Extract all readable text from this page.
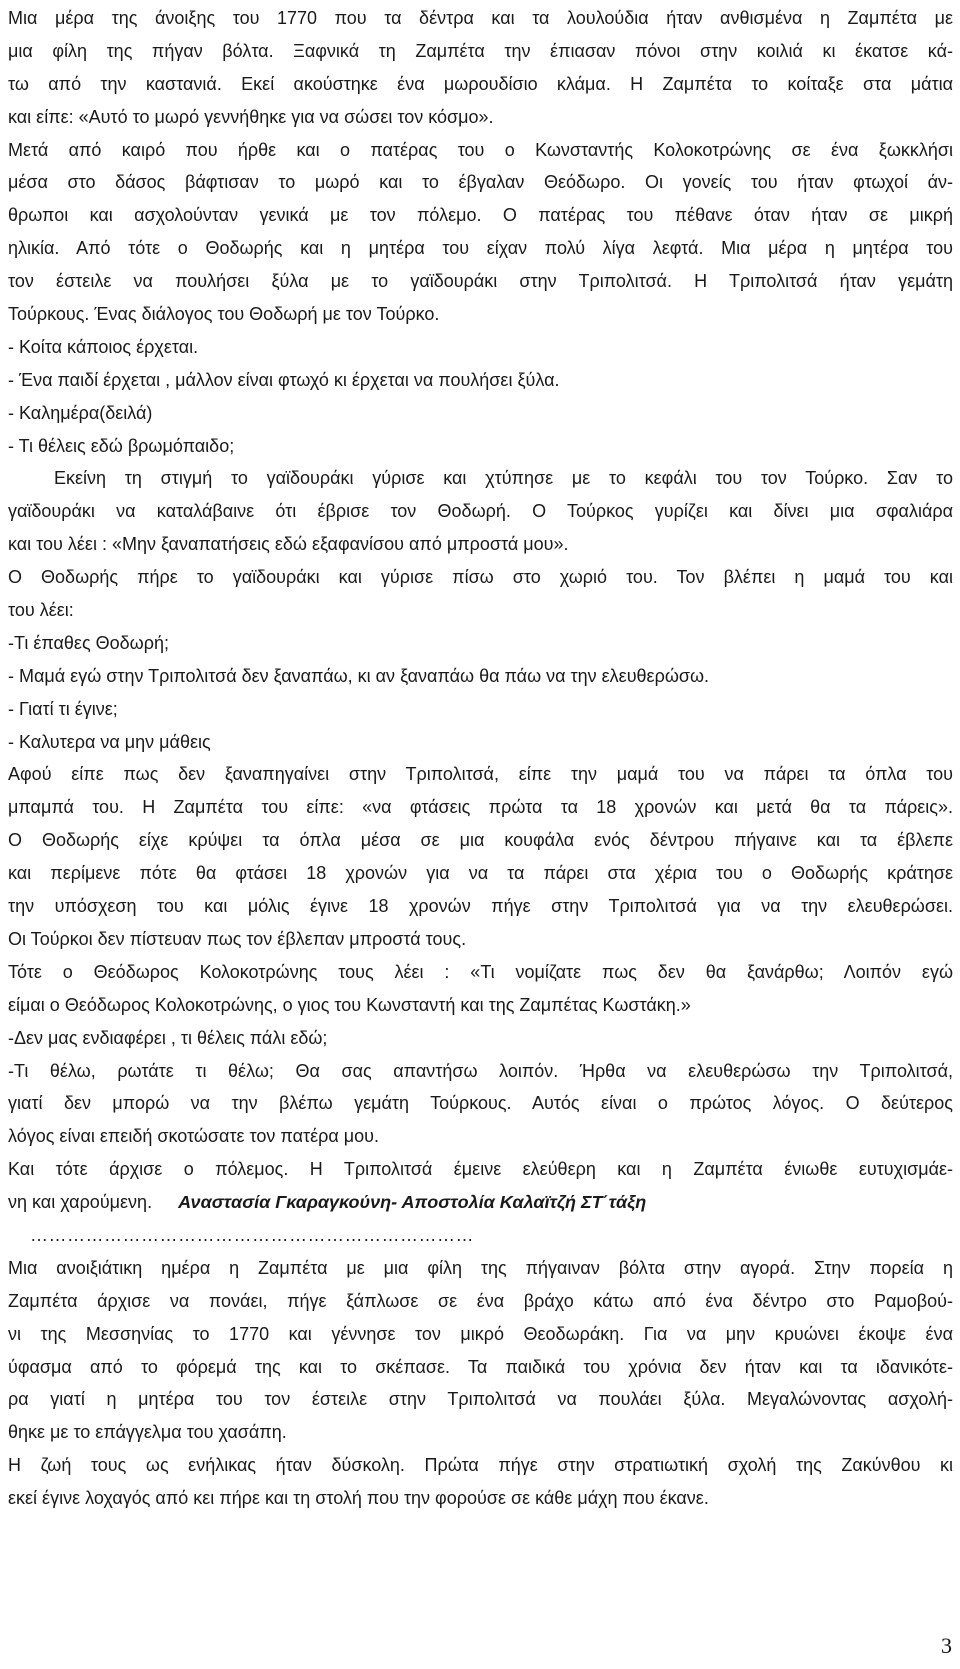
Μια μέρα της άνοιξης του 1770 που τα δέντρα και τα λουλούδια ήταν ανθισμένα η Ζαμπέτα με
μια φίλη της πήγαν βόλτα. Ξαφνικά τη Ζαμπέτα την έπιασαν πόνοι στην κοιλιά κι έκατσε κά-
τω από την καστανιά. Εκεί ακούστηκε ένα μωρουδίσιο κλάμα. Η Ζαμπέτα το κοίταξε στα μάτια
και είπε: «Αυτό το μωρό γεννήθηκε για να σώσει τον κόσμο».
Μετά από καιρό που ήρθε και ο πατέρας του ο Κωνσταντής Κολοκοτρώνης σε ένα ξωκκλήσι
μέσα στο δάσος βάφτισαν το μωρό και το έβγαλαν Θεόδωρο. Οι γονείς του ήταν φτωχοί άν-
θρωποι και ασχολούνταν γενικά με τον πόλεμο. Ο πατέρας του πέθανε όταν ήταν σε μικρή
ηλικία. Από τότε ο Θοδωρής και η μητέρα του είχαν πολύ λίγα λεφτά. Μια μέρα η μητέρα του
τον έστειλε να πουλήσει ξύλα με το γαϊδουράκι στην Τριπολιτσά. Η Τριπολιτσά ήταν γεμάτη
Τούρκους. Ένας διάλογος του Θοδωρή με τον Τούρκο.
- Κοίτα κάποιος έρχεται.
- Ένα παιδί έρχεται , μάλλον είναι φτωχό κι έρχεται να πουλήσει ξύλα.
- Καλημέρα(δειλά)
- Τι θέλεις εδώ βρωμόπαιδο;
Εκείνη τη στιγμή το γαϊδουράκι γύρισε και χτύπησε με το κεφάλι του τον Τούρκο. Σαν το
γαϊδουράκι να καταλάβαινε ότι έβρισε τον Θοδωρή. Ο Τούρκος γυρίζει και δίνει μια σφαλιάρα
και του λέει : «Μην ξαναπατήσεις εδώ εξαφανίσου από μπροστά μου».
Ο Θοδωρής πήρε το γαϊδουράκι και γύρισε πίσω στο χωριό του. Τον βλέπει η μαμά του και
του λέει:
-Τι έπαθες Θοδωρή;
- Μαμά εγώ στην Τριπολιτσά δεν ξαναπάω, κι αν ξαναπάω θα πάω να την ελευθερώσω.
- Γιατί τι έγινε;
- Καλυτερα να μην μάθεις
Αφού είπε πως δεν ξαναπηγαίνει στην Τριπολιτσά, είπε την μαμά του να πάρει τα όπλα του
μπαμπά του. Η Ζαμπέτα του είπε: «να φτάσεις πρώτα τα 18 χρονών και μετά θα τα πάρεις».
Ο Θοδωρής είχε κρύψει τα όπλα μέσα σε μια κουφάλα ενός δέντρου πήγαινε και τα έβλεπε
και περίμενε πότε θα φτάσει 18 χρονών για να τα πάρει στα χέρια του ο Θοδωρής κράτησε
την υπόσχεση του και μόλις έγινε 18 χρονών πήγε στην Τριπολιτσά για να την ελευθερώσει.
Οι Τούρκοι δεν πίστευαν πως τον έβλεπαν μπροστά τους.
Τότε ο Θεόδωρος Κολοκοτρώνης τους λέει : «Τι νομίζατε πως δεν θα ξανάρθω; Λοιπόν εγώ
είμαι ο Θεόδωρος Κολοκοτρώνης, ο γιος του Κωνσταντή και της Ζαμπέτας Κωστάκη.»
-Δεν μας ενδιαφέρει , τι θέλεις πάλι εδώ;
-Τι θέλω, ρωτάτε τι θέλω; Θα σας απαντήσω λοιπόν. Ήρθα να ελευθερώσω την Τριπολιτσά,
γιατί δεν μπορώ να την βλέπω γεμάτη Τούρκους. Αυτός είναι ο πρώτος λόγος. Ο δεύτερος
λόγος είναι επειδή σκοτώσατε τον πατέρα μου.
Και τότε άρχισε ο πόλεμος. Η Τριπολιτσά έμεινε ελεύθερη και η Ζαμπέτα ένιωθε ευτυχισμάε-
νη και χαρούμενη. Αναστασία Γκαραγκούνη- Αποστολία Καλαϊτζή ΣΤ΄τάξη
………………………………………………………………
Μια ανοιξιάτικη ημέρα η Ζαμπέτα με μια φίλη της πήγαιναν βόλτα στην αγορά. Στην πορεία η
Ζαμπέτα άρχισε να πονάει, πήγε ξάπλωσε σε ένα βράχο κάτω από ένα δέντρο στο Ραμοβού-
νι της Μεσσηνίας το 1770 και γέννησε τον μικρό Θεοδωράκη. Για να μην κρυώνει έκοψε ένα
ύφασμα από το φόρεμά της και το σκέπασε. Τα παιδικά του χρόνια δεν ήταν και τα ιδανικότε-
ρα γιατί η μητέρα του τον έστειλε στην Τριπολιτσά να πουλάει ξύλα. Μεγαλώνοντας ασχολή-
θηκε με το επάγγελμα του χασάπη.
Η ζωή τους ως ενήλικας ήταν δύσκολη. Πρώτα πήγε στην στρατιωτική σχολή της Ζακύνθου κι
εκεί έγινε λοχαγός από κει πήρε και τη στολή που την φορούσε σε κάθε μάχη που έκανε.
3
